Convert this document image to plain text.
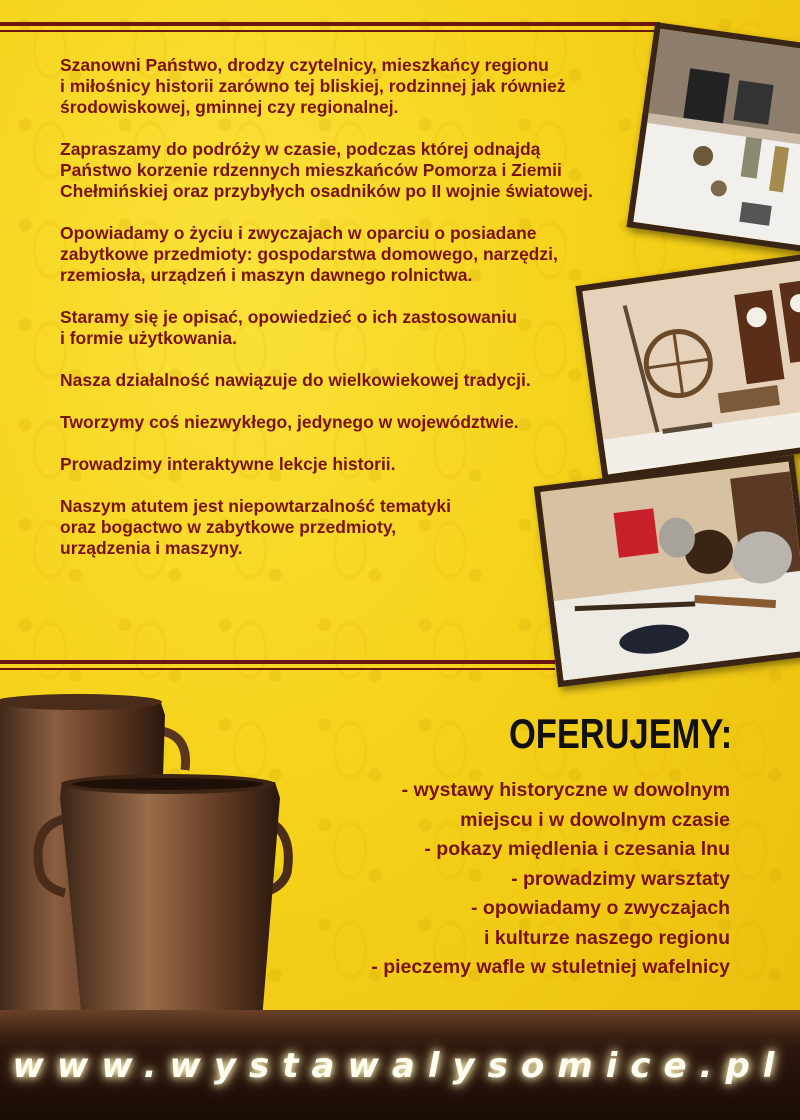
Szanowni Państwo, drodzy czytelnicy, mieszkańcy regionu
i miłośnicy historii zarówno tej bliskiej, rodzinnej jak również
środowiskowej, gminnej czy regionalnej.

Zapraszamy do podróży w czasie, podczas której odnajdą
Państwo korzenie rdzennych mieszkańców Pomorza i Ziemii
Chełmińskiej oraz przybyłych osadników po II wojnie światowej.

Opowiadamy o życiu i zwyczajach w oparciu o posiadane
zabytkowe przedmioty: gospodarstwa domowego, narzędzi,
rzemiosła, urządzeń i maszyn dawnego rolnictwa.

Staramy się je opisać, opowiedzieć o ich zastosowaniu
i formie użytkowania.

Nasza działalność nawiązuje do wielkowiekowej tradycji.

Tworzymy coś niezwykłego, jedynego w województwie.

Prowadzimy interaktywne lekcje historii.

Naszym atutem jest niepowtarzalność tematyki
oraz bogactwo w zabytkowe przedmioty,
urządzenia i maszyny.

OFERUJEMY:
- wystawy historyczne w dowolnym
miejscu i w dowolnym czasie
- pokazy międlenia i czesania lnu
- prowadzimy warsztaty
- opowiadamy o zwyczajach
i kulturze naszego regionu
- pieczemy wafle w stuletniej wafelnicy

www.wystawalysomice.pl
